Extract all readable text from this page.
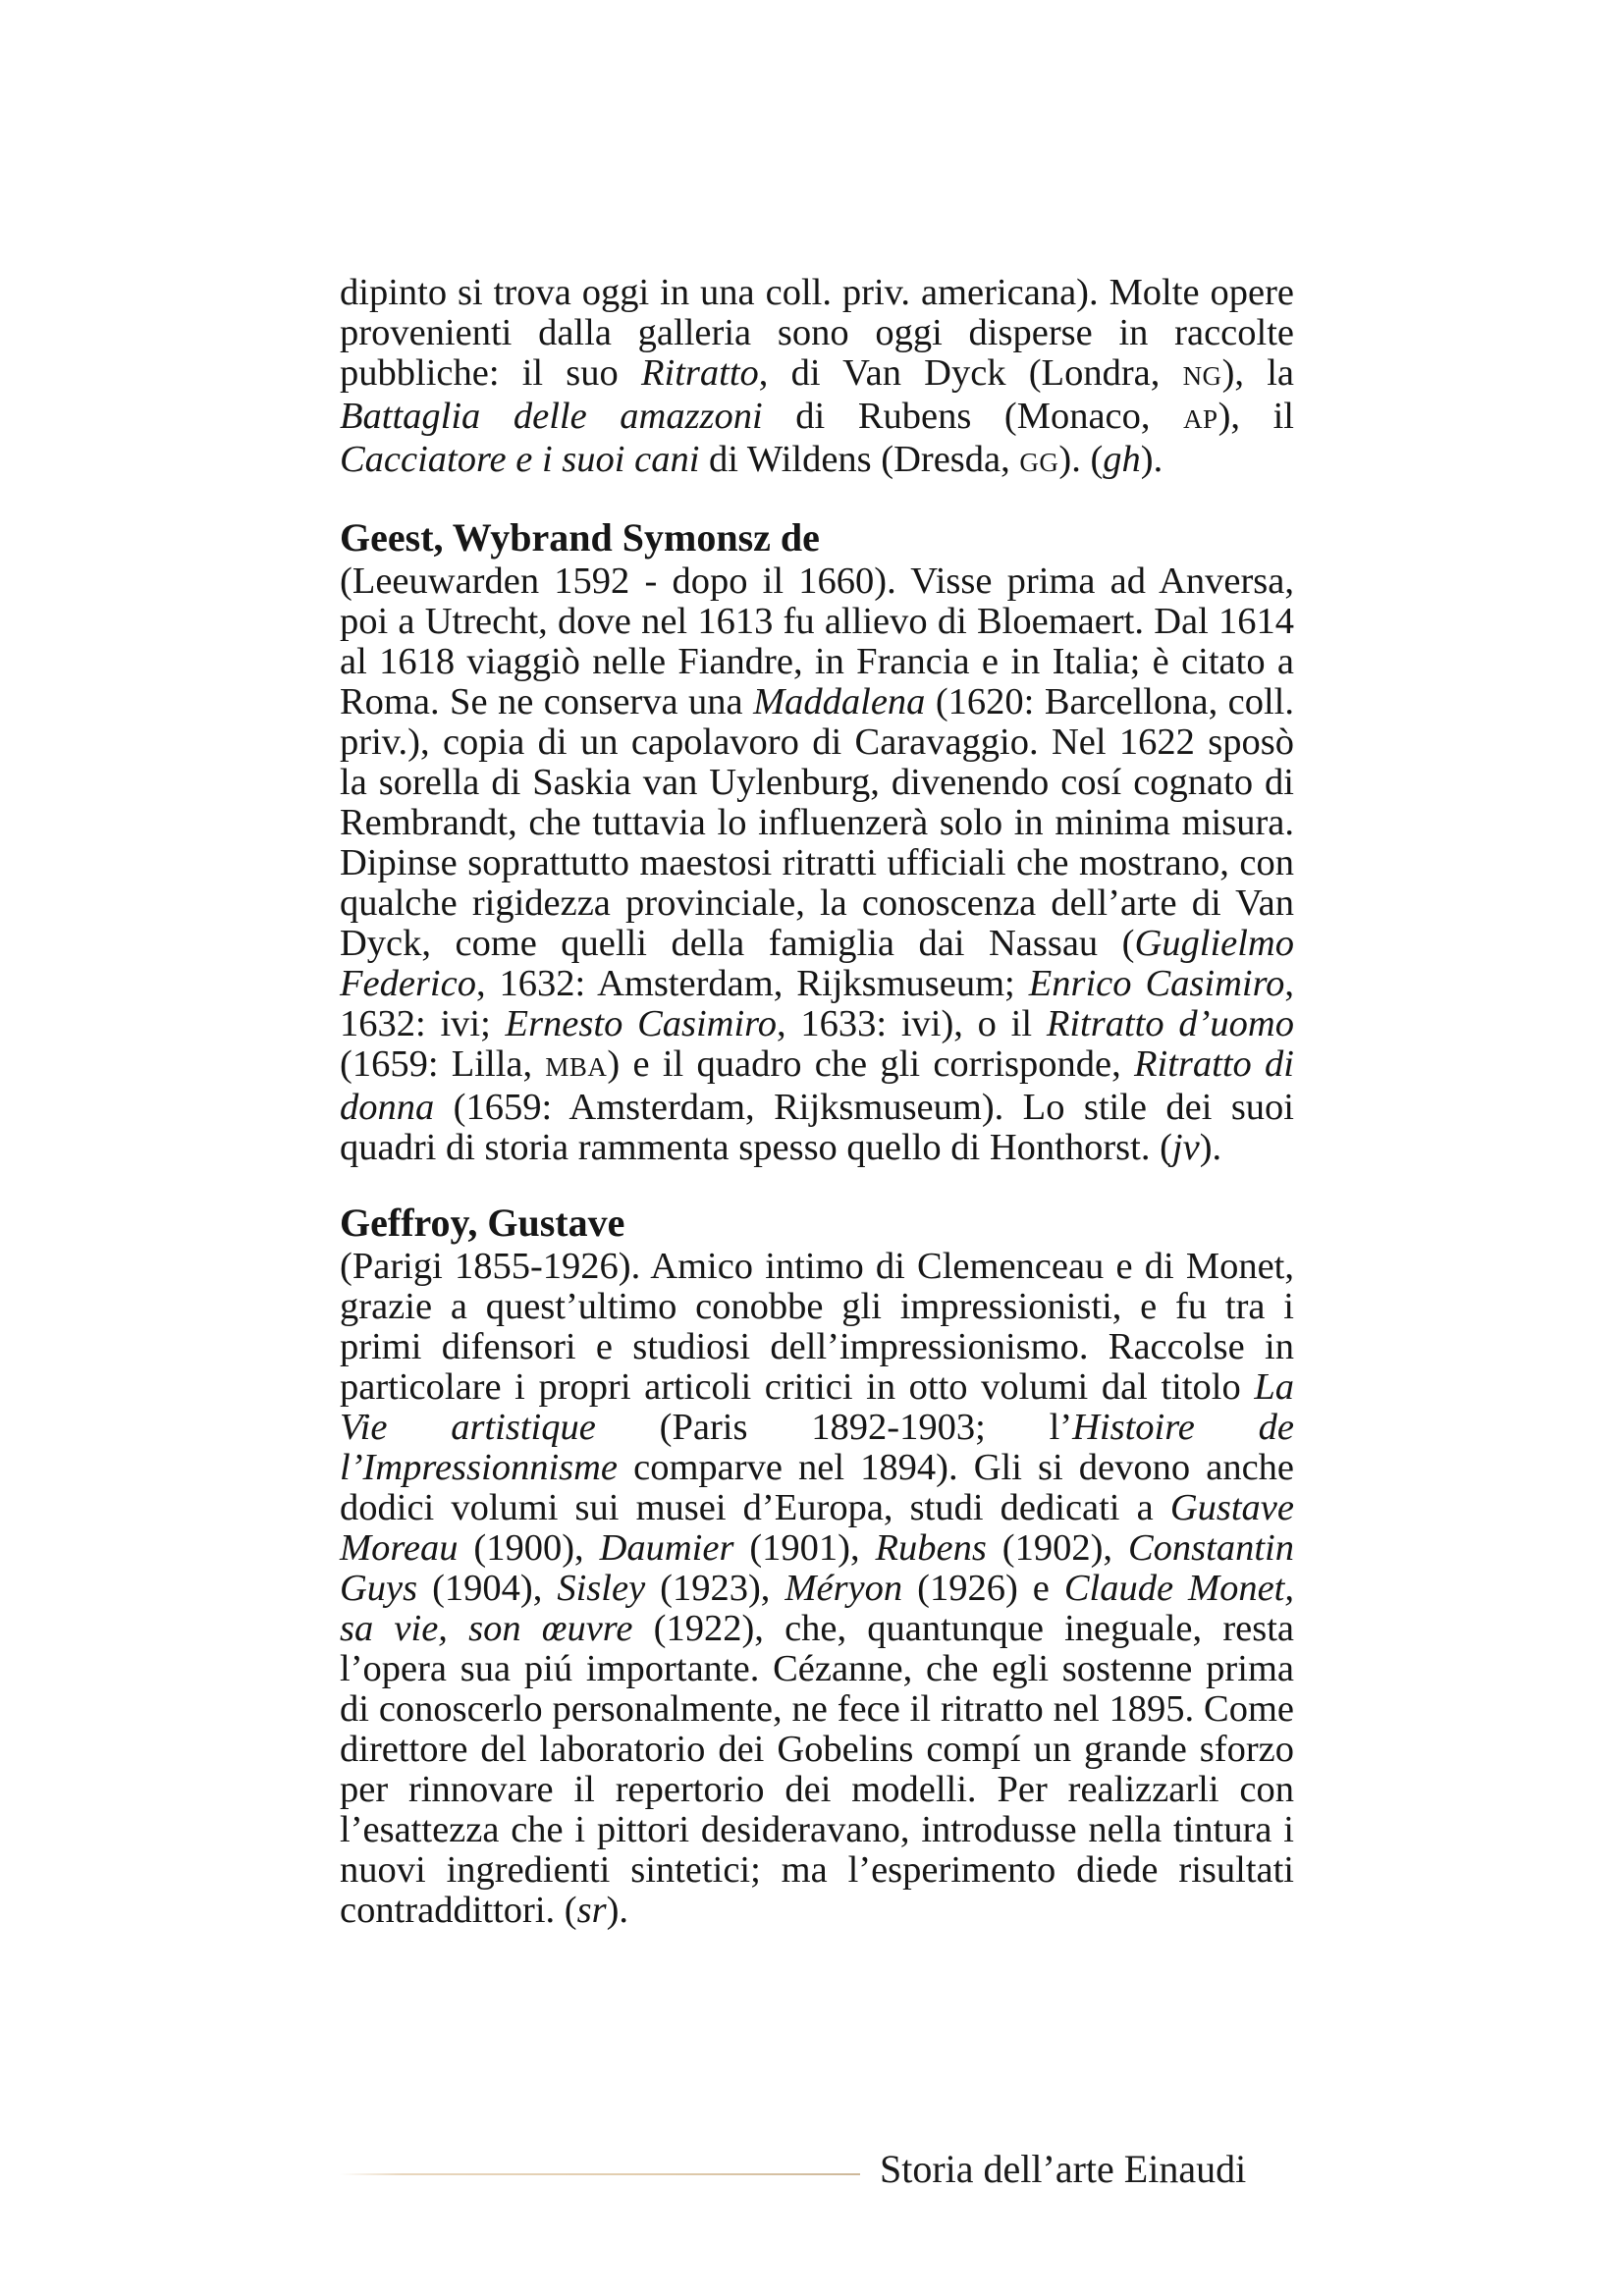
dipinto si trova oggi in una coll. priv. americana). Molte opere provenienti dalla galleria sono oggi disperse in raccolte pubbliche: il suo Ritratto, di Van Dyck (Londra, NG), la Battaglia delle amazzoni di Rubens (Monaco, AP), il Cacciatore e i suoi cani di Wildens (Dresda, GG). (gh).

Geest, Wybrand Symonsz de

(Leeuwarden 1592 - dopo il 1660). Visse prima ad Anversa, poi a Utrecht, dove nel 1613 fu allievo di Bloemaert. Dal 1614 al 1618 viaggiò nelle Fiandre, in Francia e in Italia; è citato a Roma. Se ne conserva una Maddalena (1620: Barcellona, coll. priv.), copia di un capolavoro di Caravaggio. Nel 1622 sposò la sorella di Saskia van Uylenburg, divenendo cosí cognato di Rembrandt, che tuttavia lo influenzerà solo in minima misura. Dipinse soprattutto maestosi ritratti ufficiali che mostrano, con qualche rigidezza provinciale, la conoscenza dell’arte di Van Dyck, come quelli della famiglia dai Nassau (Guglielmo Federico, 1632: Amsterdam, Rijksmuseum; Enrico Casimiro, 1632: ivi; Ernesto Casimiro, 1633: ivi), o il Ritratto d’uomo (1659: Lilla, MBA) e il quadro che gli corrisponde, Ritratto di donna (1659: Amsterdam, Rijksmuseum). Lo stile dei suoi quadri di storia rammenta spesso quello di Honthorst. (jv).

Geffroy, Gustave

(Parigi 1855-1926). Amico intimo di Clemenceau e di Monet, grazie a quest’ultimo conobbe gli impressionisti, e fu tra i primi difensori e studiosi dell’impressionismo. Raccolse in particolare i propri articoli critici in otto volumi dal titolo La Vie artistique (Paris 1892-1903; l’Histoire de l’Impressionnisme comparve nel 1894). Gli si devono anche dodici volumi sui musei d’Europa, studi dedicati a Gustave Moreau (1900), Daumier (1901), Rubens (1902), Constantin Guys (1904), Sisley (1923), Méryon (1926) e Claude Monet, sa vie, son œuvre (1922), che, quantunque ineguale, resta l’opera sua piú importante. Cézanne, che egli sostenne prima di conoscerlo personalmente, ne fece il ritratto nel 1895. Come direttore del laboratorio dei Gobelins compí un grande sforzo per rinnovare il repertorio dei modelli. Per realizzarli con l’esattezza che i pittori desideravano, introdusse nella tintura i nuovi ingredienti sintetici; ma l’esperimento diede risultati contraddittori. (sr).

Storia dell’arte Einaudi
